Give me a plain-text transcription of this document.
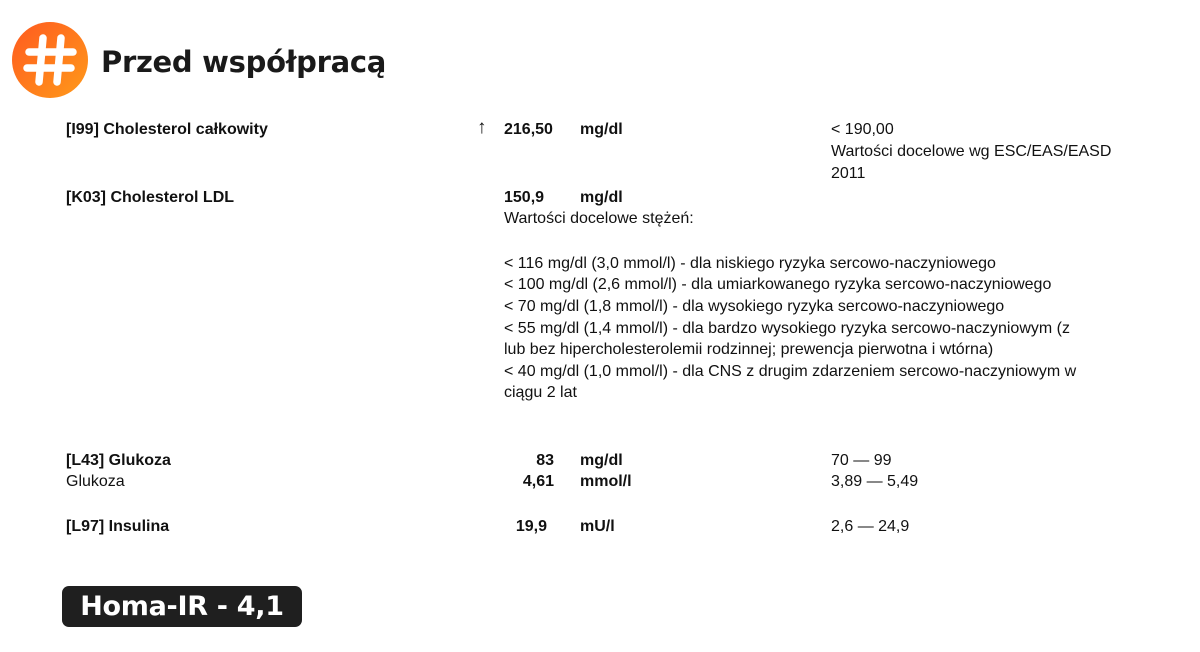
Przed współpracą
[I99] Cholesterol całkowity	↑ 216,50 mg/dl	< 190,00
Wartości docelowe wg ESC/EAS/EASD
2011
[K03] Cholesterol LDL	150,9 mg/dl
Wartości docelowe stężeń:
< 116 mg/dl (3,0 mmol/l) - dla niskiego ryzyka sercowo-naczyniowego
< 100 mg/dl (2,6 mmol/l) - dla umiarkowanego ryzyka sercowo-naczyniowego
< 70 mg/dl (1,8 mmol/l) - dla wysokiego ryzyka sercowo-naczyniowego
< 55 mg/dl (1,4 mmol/l) - dla bardzo wysokiego ryzyka sercowo-naczyniowym (z
lub bez hipercholesterolemii rodzinnej; prewencja pierwotna i wtórna)
< 40 mg/dl (1,0 mmol/l) - dla CNS z drugim zdarzeniem sercowo-naczyniowym w
ciągu 2 lat
[L43] Glukoza	83 mg/dl	70 — 99
Glukoza	4,61 mmol/l	3,89 — 5,49
[L97] Insulina	19,9 mU/l	2,6 — 24,9
Homa-IR - 4,1
